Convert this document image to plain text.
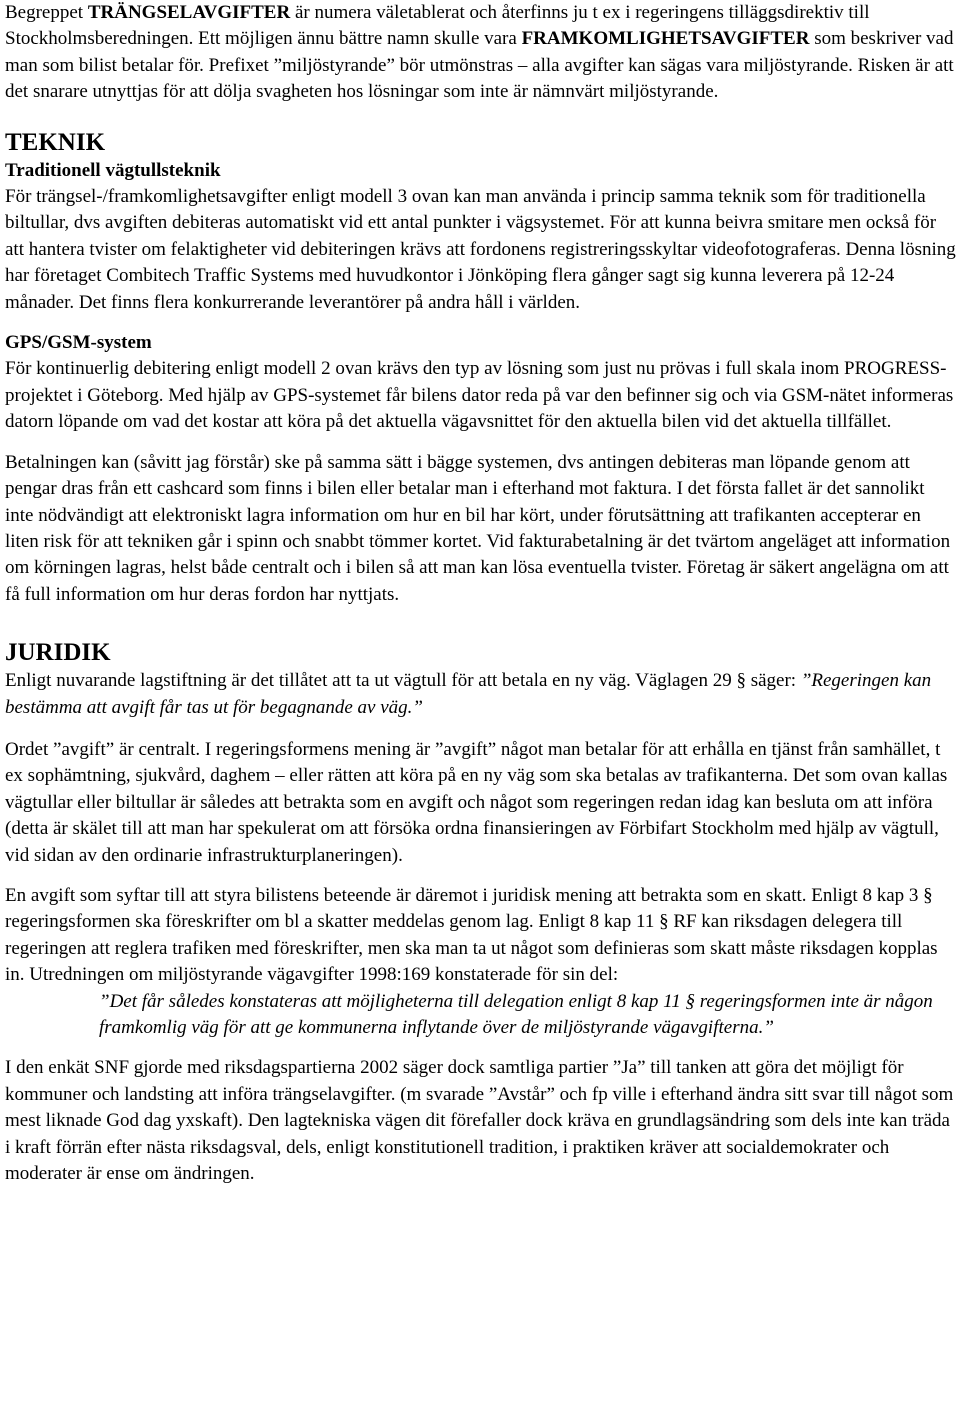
Begreppet TRÄNGSELAVGIFTER är numera väletablerat och återfinns ju t ex i regeringens tilläggsdirektiv till Stockholmsberedningen. Ett möjligen ännu bättre namn skulle vara FRAMKOMLIGHETSAVGIFTER som beskriver vad man som bilist betalar för. Prefixet ”miljöstyrande” bör utmönstras – alla avgifter kan sägas vara miljöstyrande. Risken är att det snarare utnyttjas för att dölja svagheten hos lösningar som inte är nämnvärt miljöstyrande.

TEKNIK
Traditionell vägtullsteknik

För trängsel-/framkomlighetsavgifter enligt modell 3 ovan kan man använda i princip samma teknik som för traditionella biltullar, dvs avgiften debiteras automatiskt vid ett antal punkter i vägsystemet. För att kunna beivra smitare men också för att hantera tvister om felaktigheter vid debiteringen krävs att fordonens registreringsskyltar videofotograferas. Denna lösning har företaget Combitech Traffic Systems med huvudkontor i Jönköping flera gånger sagt sig kunna leverera på 12-24 månader. Det finns flera konkurrerande leverantörer på andra håll i världen.

GPS/GSM-system

För kontinuerlig debitering enligt modell 2 ovan krävs den typ av lösning som just nu prövas i full skala inom PROGRESS-projektet i Göteborg. Med hjälp av GPS-systemet får bilens dator reda på var den befinner sig och via GSM-nätet informeras datorn löpande om vad det kostar att köra på det aktuella vägavsnittet för den aktuella bilen vid det aktuella tillfället.

Betalningen kan (såvitt jag förstår) ske på samma sätt i bägge systemen, dvs antingen debiteras man löpande genom att pengar dras från ett cashcard som finns i bilen eller betalar man i efterhand mot faktura. I det första fallet är det sannolikt inte nödvändigt att elektroniskt lagra information om hur en bil har kört, under förutsättning att trafikanten accepterar en liten risk för att tekniken går i spinn och snabbt tömmer kortet. Vid fakturabetalning är det tvärtom angeläget att information om körningen lagras, helst både centralt och i bilen så att man kan lösa eventuella tvister. Företag är säkert angelägna om att få full information om hur deras fordon har nyttjats.

JURIDIK

Enligt nuvarande lagstiftning är det tillåtet att ta ut vägtull för att betala en ny väg. Väglagen 29 § säger: ”Regeringen kan bestämma att avgift får tas ut för begagnande av väg.”

Ordet ”avgift” är centralt. I regeringsformens mening är ”avgift” något man betalar för att erhålla en tjänst från samhället, t ex sophämtning, sjukvård, daghem – eller rätten att köra på en ny väg som ska betalas av trafikanterna. Det som ovan kallas vägtullar eller biltullar är således att betrakta som en avgift och något som regeringen redan idag kan besluta om att införa (detta är skälet till att man har spekulerat om att försöka ordna finansieringen av Förbifart Stockholm med hjälp av vägtull, vid sidan av den ordinarie infrastrukturplaneringen).

En avgift som syftar till att styra bilistens beteende är däremot i juridisk mening att betrakta som en skatt. Enligt 8 kap 3 § regeringsformen ska föreskrifter om bl a skatter meddelas genom lag. Enligt 8 kap 11 § RF kan riksdagen delegera till regeringen att reglera trafiken med föreskrifter, men ska man ta ut något som definieras som skatt måste riksdagen kopplas in. Utredningen om miljöstyrande vägavgifter 1998:169 konstaterade för sin del:

”Det får således konstateras att möjligheterna till delegation enligt 8 kap 11 § regeringsformen inte är någon framkomlig väg för att ge kommunerna inflytande över de miljöstyrande vägavgifterna.”

I den enkät SNF gjorde med riksdagspartierna 2002 säger dock samtliga partier ”Ja” till tanken att göra det möjligt för kommuner och landsting att införa trängselavgifter. (m svarade ”Avstår” och fp ville i efterhand ändra sitt svar till något som mest liknade God dag yxskaft). Den lagtekniska vägen dit förefaller dock kräva en grundlagsändring som dels inte kan träda i kraft förrän efter nästa riksdagsval, dels, enligt konstitutionell tradition, i praktiken kräver att socialdemokrater och moderater är ense om ändringen.
